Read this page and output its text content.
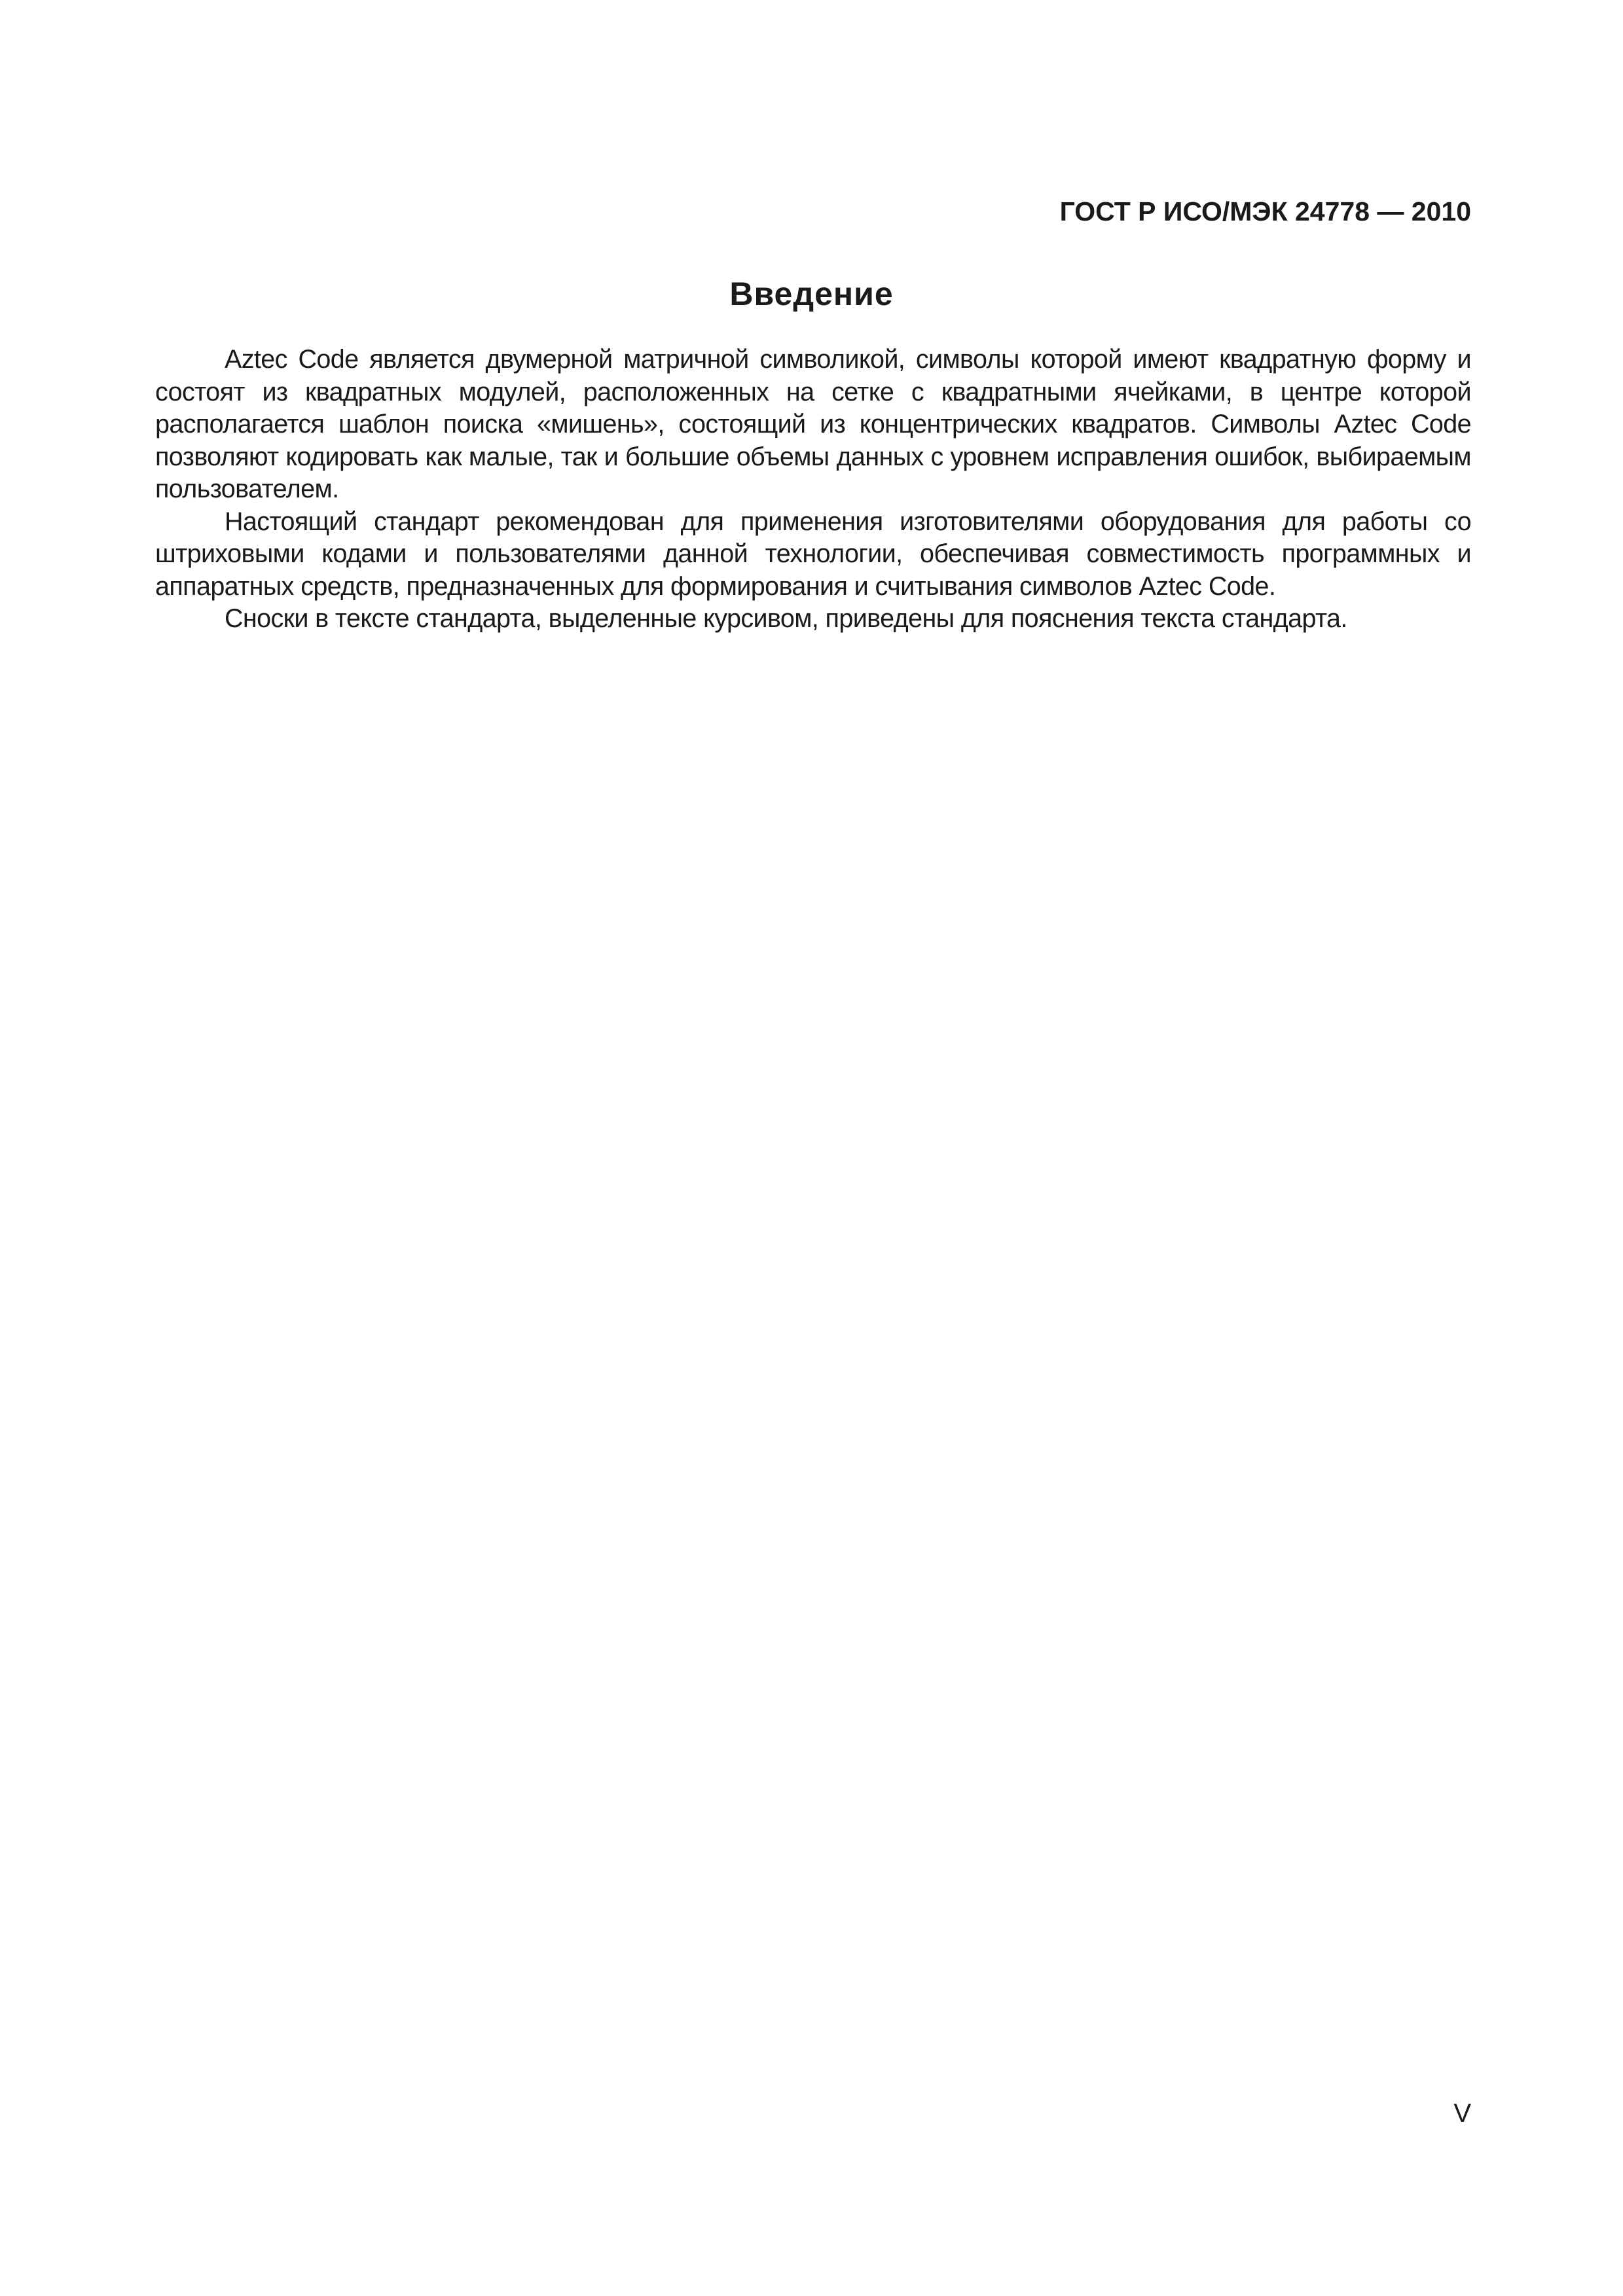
ГОСТ Р ИСО/МЭК 24778 — 2010
Введение

Aztec Code является двумерной матричной символикой, символы которой имеют квадратную форму и состоят из квадратных модулей, расположенных на сетке с квадратными ячейками, в центре которой располагается шаблон поиска «мишень», состоящий из концентрических квадратов. Символы Aztec Code позволяют кодировать как малые, так и большие объемы данных с уровнем исправления ошибок, выбираемым пользователем.

Настоящий стандарт рекомендован для применения изготовителями оборудования для работы со штриховыми кодами и пользователями данной технологии, обеспечивая совместимость программных и аппаратных средств, предназначенных для формирования и считывания символов Aztec Code.

Сноски в тексте стандарта, выделенные курсивом, приведены для пояснения текста стандарта.

V
